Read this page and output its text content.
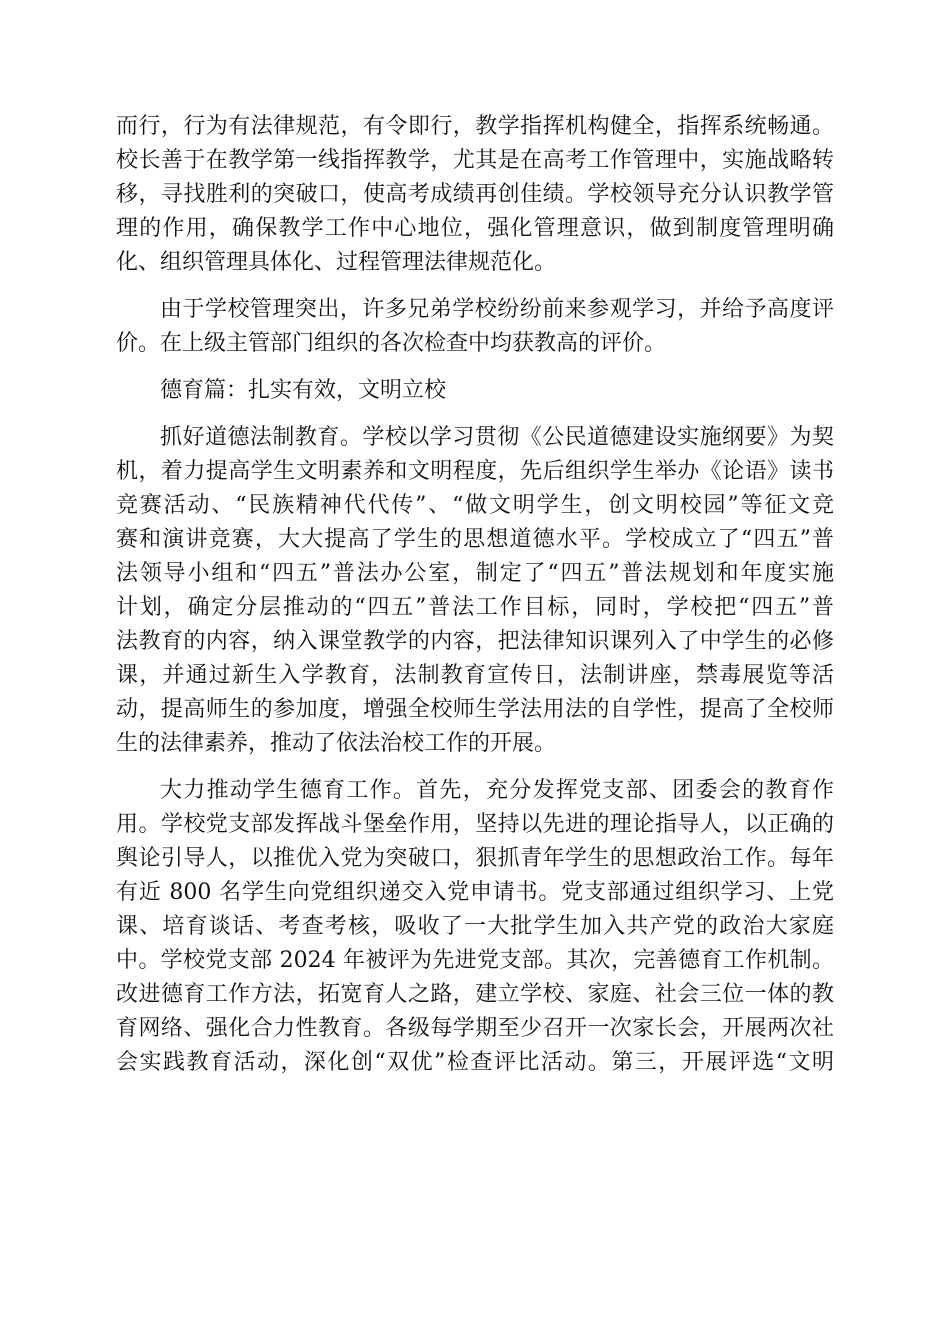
而行，行为有法律规范，有令即行，教学指挥机构健全，指挥系统畅通。
校长善于在教学第一线指挥教学，尤其是在高考工作管理中，实施战略转
移，寻找胜利的突破口，使高考成绩再创佳绩。学校领导充分认识教学管
理的作用，确保教学工作中心地位，强化管理意识，做到制度管理明确
化、组织管理具体化、过程管理法律规范化。
由于学校管理突出，许多兄弟学校纷纷前来参观学习，并给予高度评
价。在上级主管部门组织的各次检查中均获教高的评价。
德育篇：扎实有效，文明立校
抓好道德法制教育。学校以学习贯彻《公民道德建设实施纲要》为契
机，着力提高学生文明素养和文明程度，先后组织学生举办《论语》读书
竞赛活动、“民族精神代代传”、“做文明学生，创文明校园”等征文竞
赛和演讲竞赛，大大提高了学生的思想道德水平。学校成立了“四五”普
法领导小组和“四五”普法办公室，制定了“四五”普法规划和年度实施
计划，确定分层推动的“四五”普法工作目标，同时，学校把“四五”普
法教育的内容，纳入课堂教学的内容，把法律知识课列入了中学生的必修
课，并通过新生入学教育，法制教育宣传日，法制讲座，禁毒展览等活
动，提高师生的参加度，增强全校师生学法用法的自学性，提高了全校师
生的法律素养，推动了依法治校工作的开展。
大力推动学生德育工作。首先，充分发挥党支部、团委会的教育作
用。学校党支部发挥战斗堡垒作用，坚持以先进的理论指导人，以正确的
舆论引导人，以推优入党为突破口，狠抓青年学生的思想政治工作。每年
有近 800 名学生向党组织递交入党申请书。党支部通过组织学习、上党
课、培育谈话、考查考核，吸收了一大批学生加入共产党的政治大家庭
中。学校党支部 2024 年被评为先进党支部。其次，完善德育工作机制。
改进德育工作方法，拓宽育人之路，建立学校、家庭、社会三位一体的教
育网络、强化合力性教育。各级每学期至少召开一次家长会，开展两次社
会实践教育活动，深化创“双优”检查评比活动。第三，开展评选“文明
